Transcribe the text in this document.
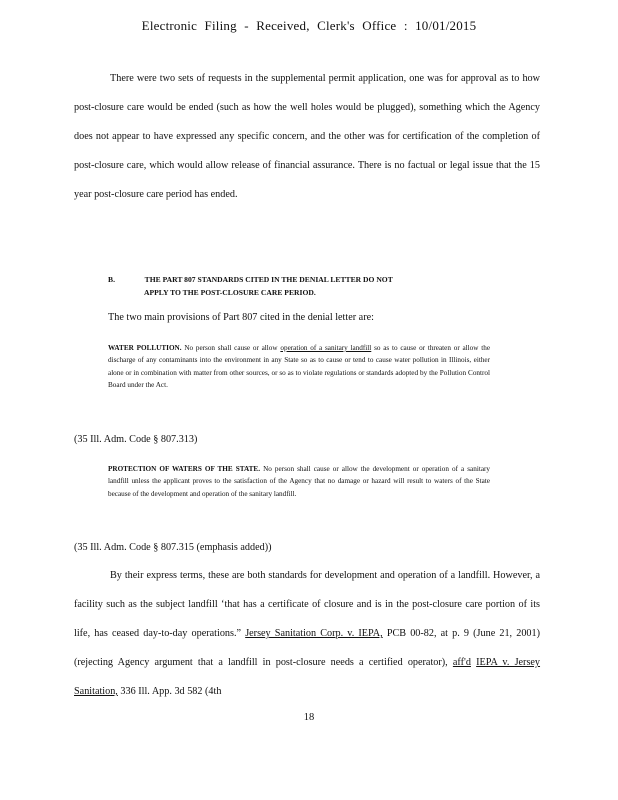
Electronic Filing - Received, Clerk's Office : 10/01/2015

There were two sets of requests in the supplemental permit application, one was for approval as to how post-closure care would be ended (such as how the well holes would be plugged), something which the Agency does not appear to have expressed any specific concern, and the other was for certification of the completion of post-closure care, which would allow release of financial assurance. There is no factual or legal issue that the 15 year post-closure care period has ended.

B.	THE PART 807 STANDARDS CITED IN THE DENIAL LETTER DO NOT
APPLY TO THE POST-CLOSURE CARE PERIOD.
The two main provisions of Part 807 cited in the denial letter are:
WATER POLLUTION. No person shall cause or allow operation of a sanitary landfill so as to cause or threaten or allow the discharge of any contaminants into the environment in any State so as to cause or tend to cause water pollution in Illinois, either alone or in combination with matter from other sources, or so as to violate regulations or standards adopted by the Pollution Control Board under the Act.
(35 Ill. Adm. Code § 807.313)
PROTECTION OF WATERS OF THE STATE. No person shall cause or allow the development or operation of a sanitary landfill unless the applicant proves to the satisfaction of the Agency that no damage or hazard will result to waters of the State because of the development and operation of the sanitary landfill.
(35 Ill. Adm. Code § 807.315 (emphasis added))

By their express terms, these are both standards for development and operation of a landfill. However, a facility such as the subject landfill ‘that has a certificate of closure and is in the post-closure care portion of its life, has ceased day-to-day operations.” Jersey Sanitation Corp. v. IEPA, PCB 00-82, at p. 9 (June 21, 2001) (rejecting Agency argument that a landfill in post-closure needs a certified operator), aff'd IEPA v. Jersey Sanitation, 336 Ill. App. 3d 582 (4th

18
